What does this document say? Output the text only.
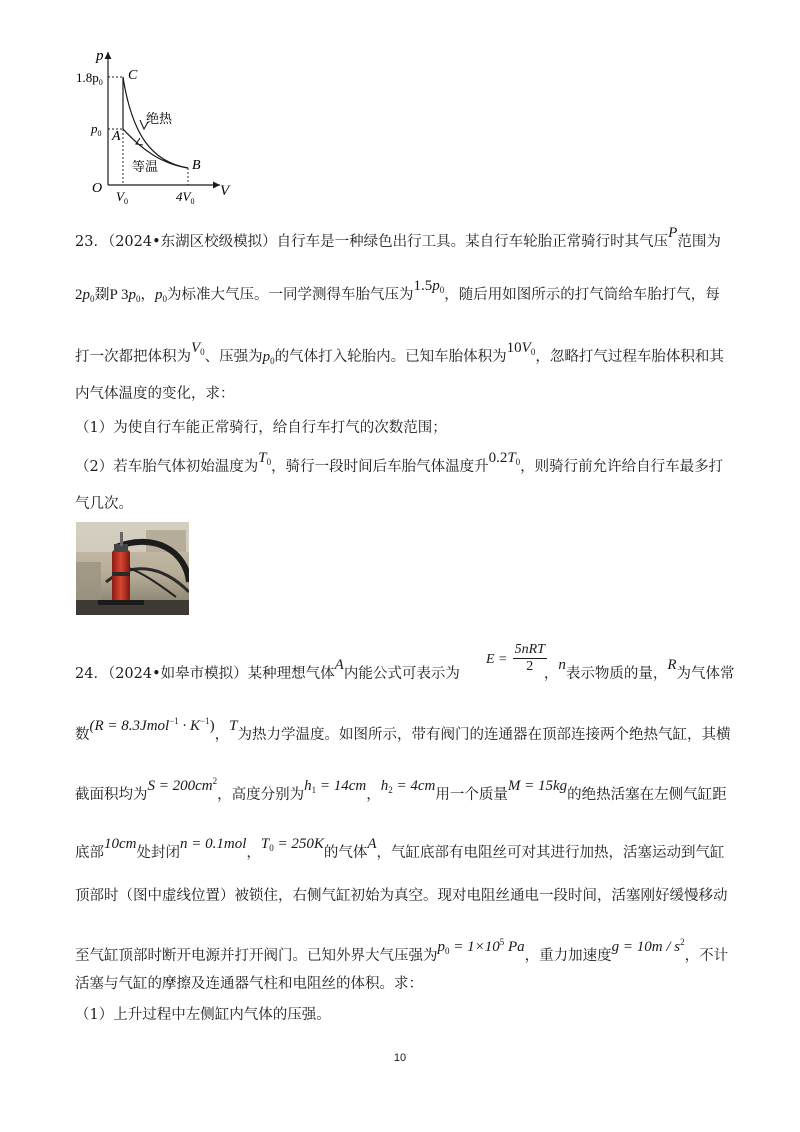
p
V
O
$1.8p_0$
$p_0$
$V_0$	$4V_0$
C
A
B
绝热
等温
23．（2024•东湖区校级模拟）自行车是一种绿色出行工具。某自行车轮胎正常骑行时其气压P范围为
$2p_0$剟P $3p_0$，$p_0$为标准大气压。一同学测得车胎气压为$1.5p_0$，随后用如图所示的打气筒给车胎打气，每
打一次都把体积为$V_0$、压强为$p_0$的气体打入轮胎内。已知车胎体积为$10V_0$，忽略打气过程车胎体积和其
内气体温度的变化，求：
（1）为使自行车能正常骑行，给自行车打气的次数范围；
（2）若车胎气体初始温度为$T_0$，骑行一段时间后车胎气体温度升$0.2T_0$，则骑行前允许给自行车最多打
气几次。
$E = \frac{\text{5nRT}}{2}$
24．（2024•如皋市模拟）某种理想气体A内能公式可表示为	，n表示物质的量，R为气体常
数(R = 8.3Jmol$^{-1}$ · $K^{-1}$)，T为热力学温度。如图所示，带有阀门的连通器在顶部连接两个绝热气缸，其横
截面积均为$S = 200cm^2$，高度分别为$h_1 = 14cm$，$h_2 = 4cm$用一个质量M = 15kg的绝热活塞在左侧气缸距
底部10cm处封闭n = 0.1mol，$T_0 = 250K$的气体A，气缸底部有电阻丝可对其进行加热，活塞运动到气缸
顶部时（图中虚线位置）被锁住，右侧气缸初始为真空。现对电阻丝通电一段时间，活塞刚好缓慢移动
至气缸顶部时断开电源并打开阀门。已知外界大气压强为$p_0 = 1\times 10^5$ Pa，重力加速度$g = 10m / s^2$，不计
活塞与气缸的摩擦及连通器气柱和电阻丝的体积。求：
（1）上升过程中左侧缸内气体的压强。
10
